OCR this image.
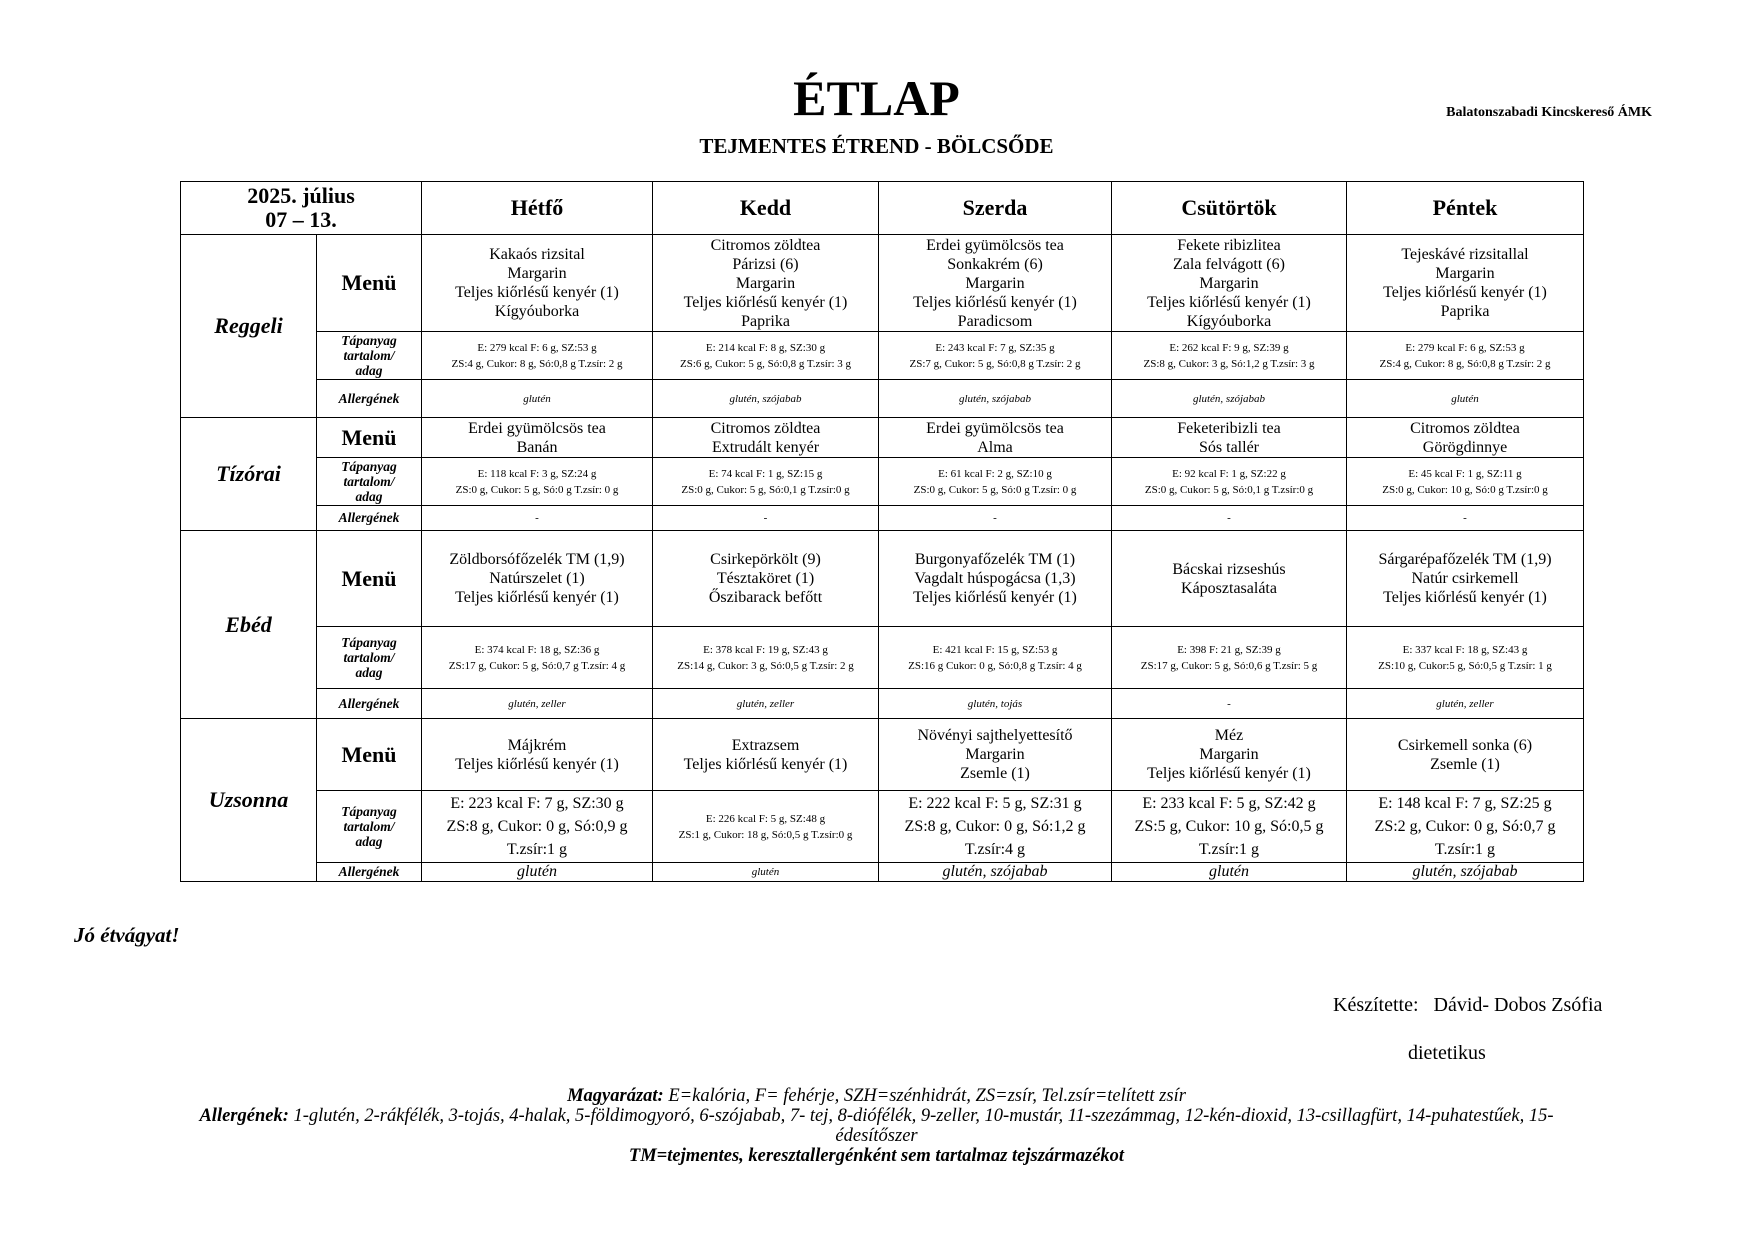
ÉTLAP
TEJMENTES ÉTREND - BÖLCSŐDE
Balatonszabadi Kincskereső ÁMK
2025. július
07 – 13.		Hétfő	Kedd	Szerda	Csütörtök	Péntek
Reggeli	Menü	Kakaós rizsital
Margarin
Teljes kiőrlésű kenyér (1)
Kígyóuborka	Citromos zöldtea
Párizsi (6)
Margarin
Teljes kiőrlésű kenyér (1)
Paprika	Erdei gyümölcsös tea
Sonkakrém (6)
Margarin
Teljes kiőrlésű kenyér (1)
Paradicsom	Fekete ribizlitea
Zala felvágott (6)
Margarin
Teljes kiőrlésű kenyér (1)
Kígyóuborka	Tejeskávé rizsitallal
Margarin
Teljes kiőrlésű kenyér (1)
Paprika

	Tápanyag
tartalom/
adag	E: 279 kcal F: 6 g, SZ:53 g
ZS:4 g, Cukor: 8 g, Só:0,8 g T.zsír: 2 g	E: 214 kcal F: 8 g, SZ:30 g
ZS:6 g, Cukor: 5 g, Só:0,8 g T.zsír: 3 g	E: 243 kcal F: 7 g, SZ:35 g
ZS:7 g, Cukor: 5 g, Só:0,8 g T.zsír: 2 g	E: 262 kcal F: 9 g, SZ:39 g
ZS:8 g, Cukor: 3 g, Só:1,2 g T.zsír: 3 g	E: 279 kcal F: 6 g, SZ:53 g
ZS:4 g, Cukor: 8 g, Só:0,8 g T.zsír: 2 g

	Allergének	glutén	glutén, szójabab	glutén, szójabab	glutén, szójabab	glutén
Tízórai	Menü	Erdei gyümölcsös tea
Banán	Citromos zöldtea
Extrudált kenyér	Erdei gyümölcsös tea
Alma	Feketeribizli tea
Sós tallér	Citromos zöldtea
Görögdinnye

	Tápanyag
tartalom/
adag	E: 118 kcal F: 3 g, SZ:24 g
ZS:0 g, Cukor: 5 g, Só:0 g T.zsír: 0 g	E: 74 kcal F: 1 g, SZ:15 g
ZS:0 g, Cukor: 5 g, Só:0,1 g T.zsír:0 g	E: 61 kcal F: 2 g, SZ:10 g
ZS:0 g, Cukor: 5 g, Só:0 g T.zsír: 0 g	E: 92 kcal F: 1 g, SZ:22 g
ZS:0 g, Cukor: 5 g, Só:0,1 g T.zsír:0 g	E: 45 kcal F: 1 g, SZ:11 g
ZS:0 g, Cukor: 10 g, Só:0 g T.zsír:0 g

	Allergének	-	-	-	-	-
Ebéd	Menü	Zöldborsófőzelék TM (1,9)
Natúrszelet (1)
Teljes kiőrlésű kenyér (1)	Csirkepörkölt (9)
Tésztaköret (1)
Őszibarack befőtt	Burgonyafőzelék TM (1)
Vagdalt húspogácsa (1,3)
Teljes kiőrlésű kenyér (1)	Bácskai rizseshús
Káposztasaláta	Sárgarépafőzelék TM (1,9)
Natúr csirkemell
Teljes kiőrlésű kenyér (1)

	Tápanyag
tartalom/
adag	E: 374 kcal F: 18 g, SZ:36 g
ZS:17 g, Cukor: 5 g, Só:0,7 g T.zsír: 4 g	E: 378 kcal F: 19 g, SZ:43 g
ZS:14 g, Cukor: 3 g, Só:0,5 g T.zsír: 2 g	E: 421 kcal F: 15 g, SZ:53 g
ZS:16 g Cukor: 0 g, Só:0,8 g T.zsír: 4 g	E: 398 F: 21 g, SZ:39 g
ZS:17 g, Cukor: 5 g, Só:0,6 g T.zsír: 5 g	E: 337 kcal F: 18 g, SZ:43 g
ZS:10 g, Cukor:5 g, Só:0,5 g T.zsír: 1 g

	Allergének	glutén, zeller	glutén, zeller	glutén, tojás	-	glutén, zeller
Uzsonna	Menü	Májkrém
Teljes kiőrlésű kenyér (1)	Extrazsem
Teljes kiőrlésű kenyér (1)	Növényi sajthelyettesítő
Margarin
Zsemle (1)	Méz
Margarin
Teljes kiőrlésű kenyér (1)	Csirkemell sonka (6)
Zsemle (1)

	Tápanyag
tartalom/
adag	E: 223 kcal F: 7 g, SZ:30 g
ZS:8 g, Cukor: 0 g, Só:0,9 g
T.zsír:1 g	E: 226 kcal F: 5 g, SZ:48 g
ZS:1 g, Cukor: 18 g, Só:0,5 g T.zsír:0 g	E: 222 kcal F: 5 g, SZ:31 g
ZS:8 g, Cukor: 0 g, Só:1,2 g
T.zsír:4 g	E: 233 kcal F: 5 g, SZ:42 g
ZS:5 g, Cukor: 10 g, Só:0,5 g
T.zsír:1 g	E: 148 kcal F: 7 g, SZ:25 g
ZS:2 g, Cukor: 0 g, Só:0,7 g
T.zsír:1 g

	Allergének	glutén	glutén	glutén, szójabab	glutén	glutén, szójabab
Jó étvágyat!
Készítette:   Dávid- Dobos Zsófia
dietetikus
Magyarázat: E=kalória, F= fehérje, SZH=szénhidrát, ZS=zsír, Tel.zsír=telített zsír
Allergének: 1-glutén, 2-rákfélék, 3-tojás, 4-halak, 5-földimogyoró, 6-szójabab, 7- tej, 8-diófélék, 9-zeller, 10-mustár, 11-szezámmag, 12-kén-dioxid, 13-csillagfürt, 14-puhatestűek, 15-
édesítőszer
TM=tejmentes, keresztallergénként sem tartalmaz tejszármazékot
